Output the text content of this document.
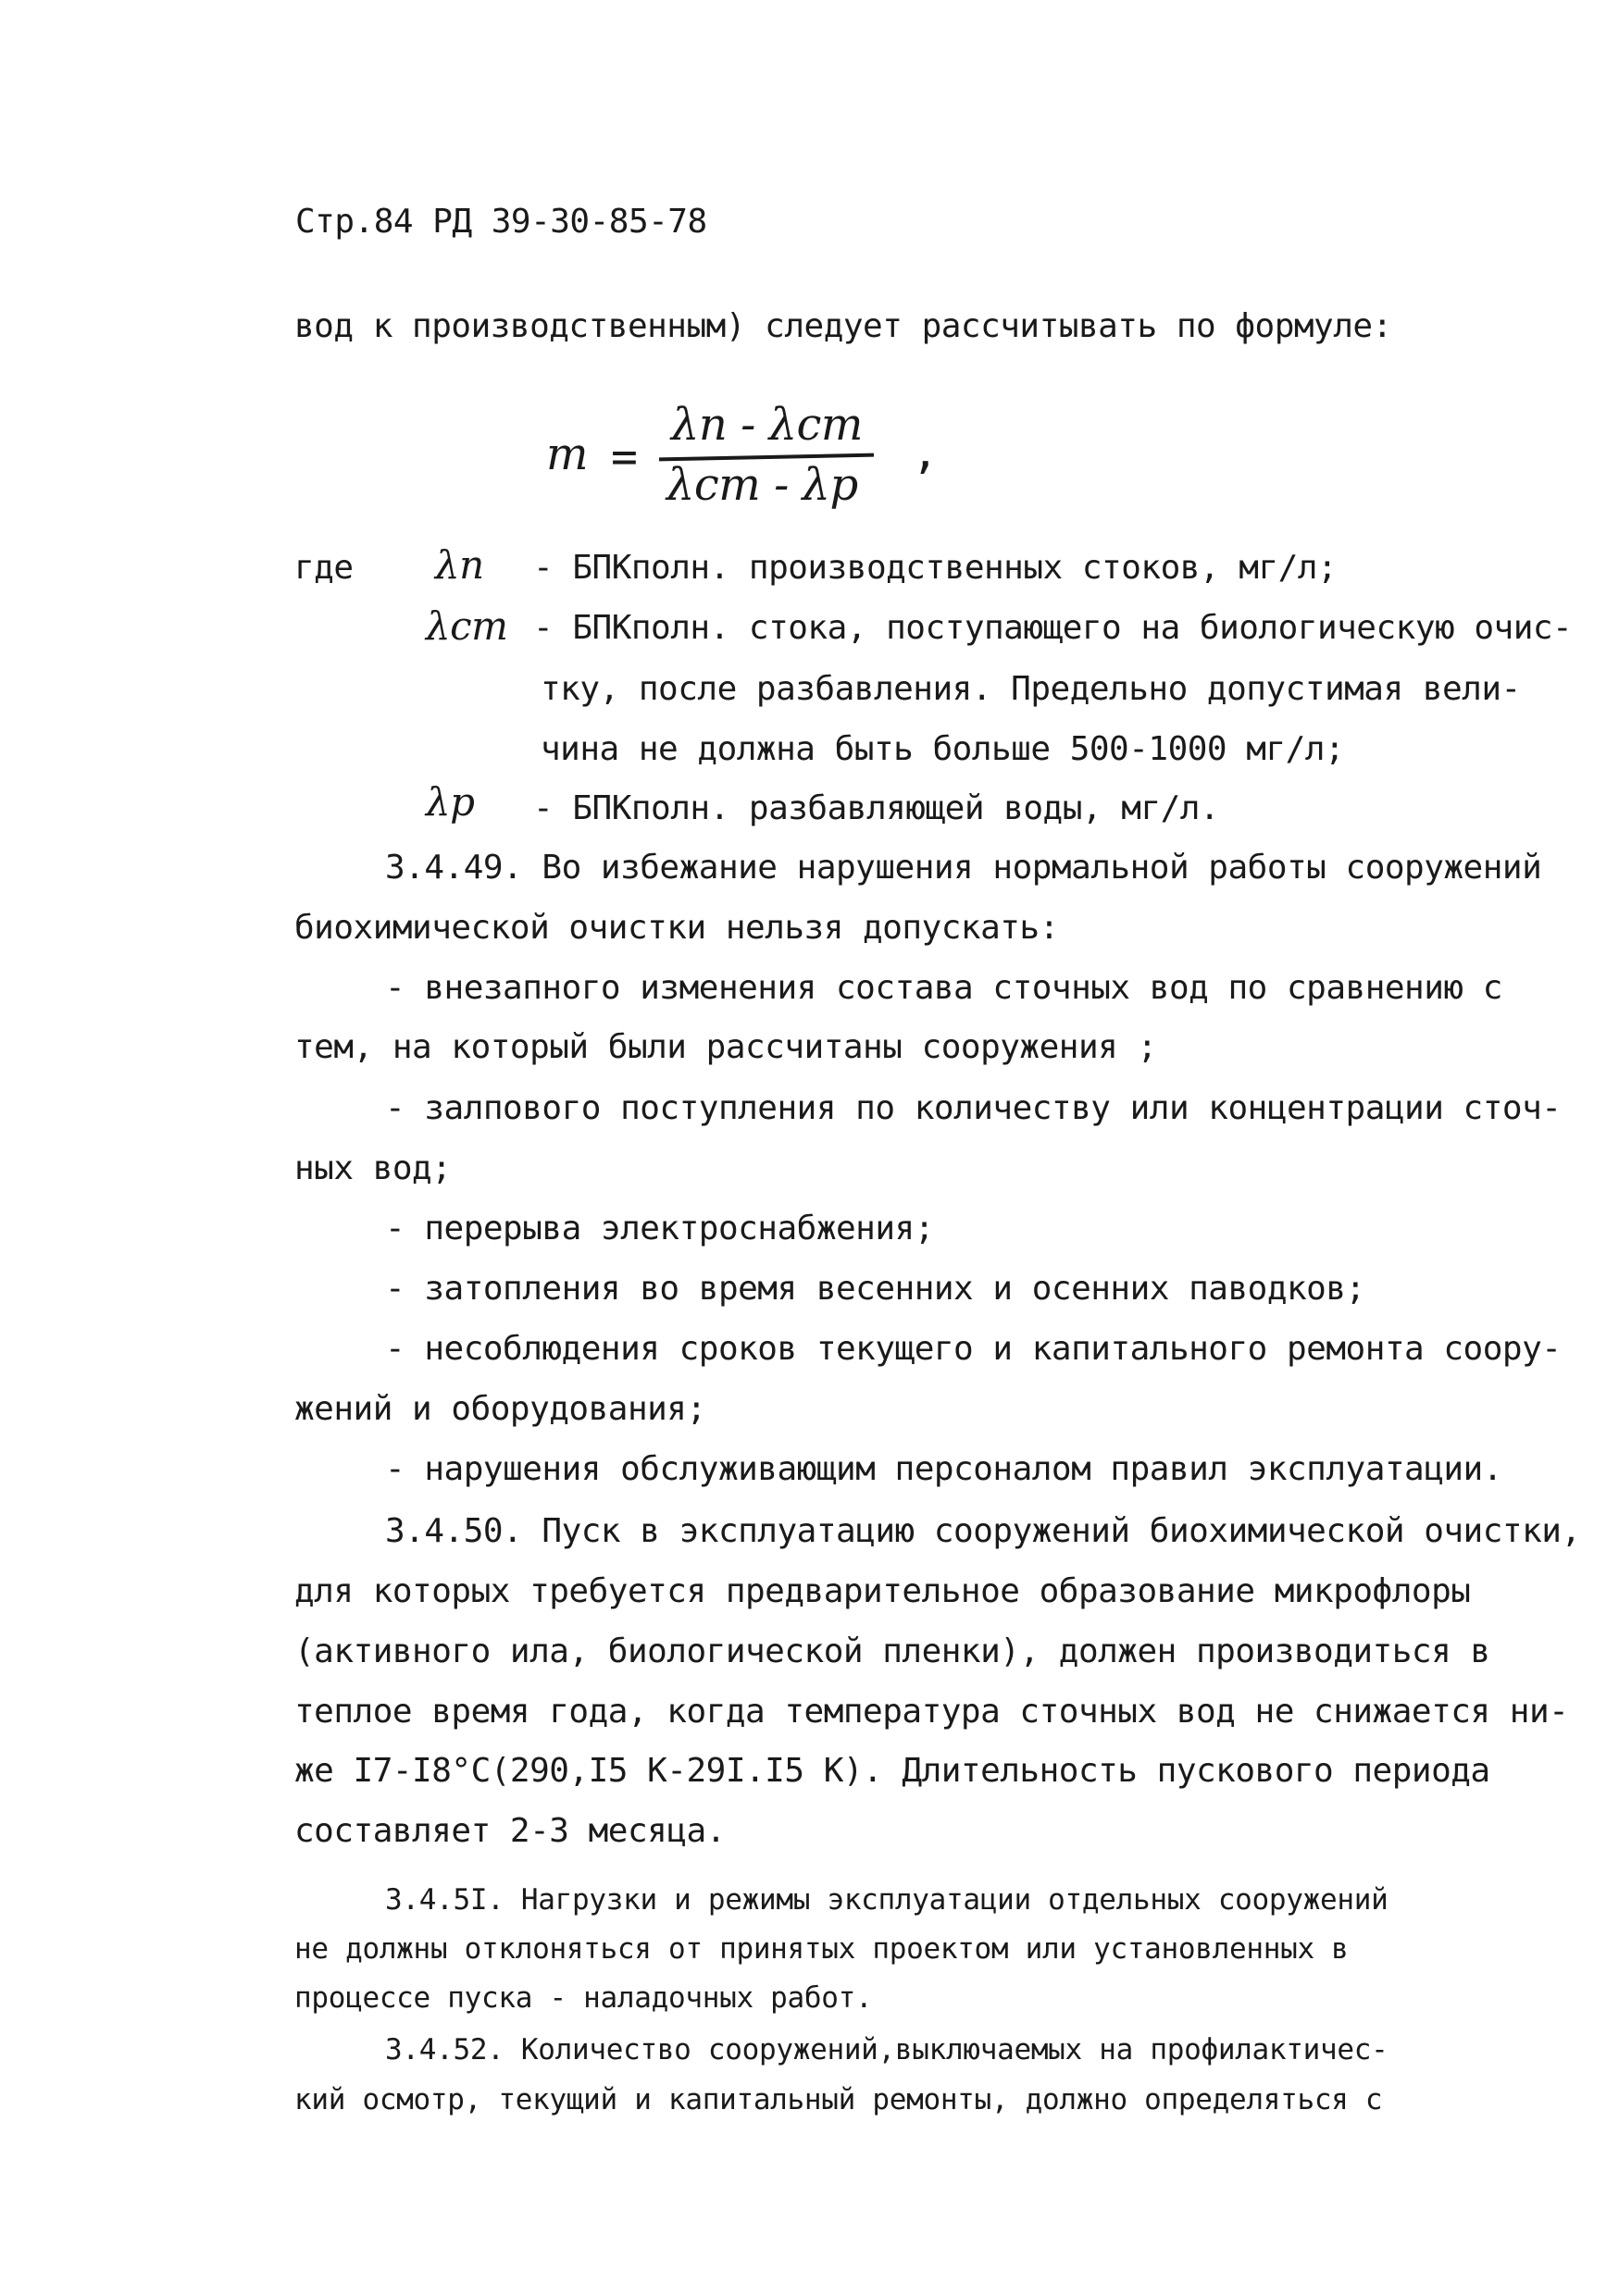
Стр.84 РД 39-30-85-78
вод к производственным) следует рассчитывать по формуле:
m =
λп - λст
λст - λр
,
где λп - БПКполн. производственных стоков, мг/л;
λст - БПКполн. стока, поступающего на биологическую очис-
тку, после разбавления. Предельно допустимая вели-
чина не должна быть больше 500-1000 мг/л;
λр - БПКполн. разбавляющей воды, мг/л.
3.4.49. Во избежание нарушения нормальной работы сооружений
биохимической очистки нельзя допускать:
- внезапного изменения состава сточных вод по сравнению с
тем, на который были рассчитаны сооружения ;
- залпового поступления по количеству или концентрации сточ-
ных вод;
- перерыва электроснабжения;
- затопления во время весенних и осенних паводков;
- несоблюдения сроков текущего и капитального ремонта соору-
жений и оборудования;
- нарушения обслуживающим персоналом правил эксплуатации.
3.4.50. Пуск в эксплуатацию сооружений биохимической очистки,
для которых требуется предварительное образование микрофлоры
(активного ила, биологической пленки), должен производиться в
теплое время года, когда температура сточных вод не снижается ни-
же I7-I8°C(290,I5 K-29I.I5 K). Длительность пускового периода
составляет 2-3 месяца.
3.4.5I. Нагрузки и режимы эксплуатации отдельных сооружений
не должны отклоняться от принятых проектом или установленных в
процессе пуска - наладочных работ.
3.4.52. Количество сооружений,выключаемых на профилактичес-
кий осмотр, текущий и капитальный ремонты, должно определяться с
